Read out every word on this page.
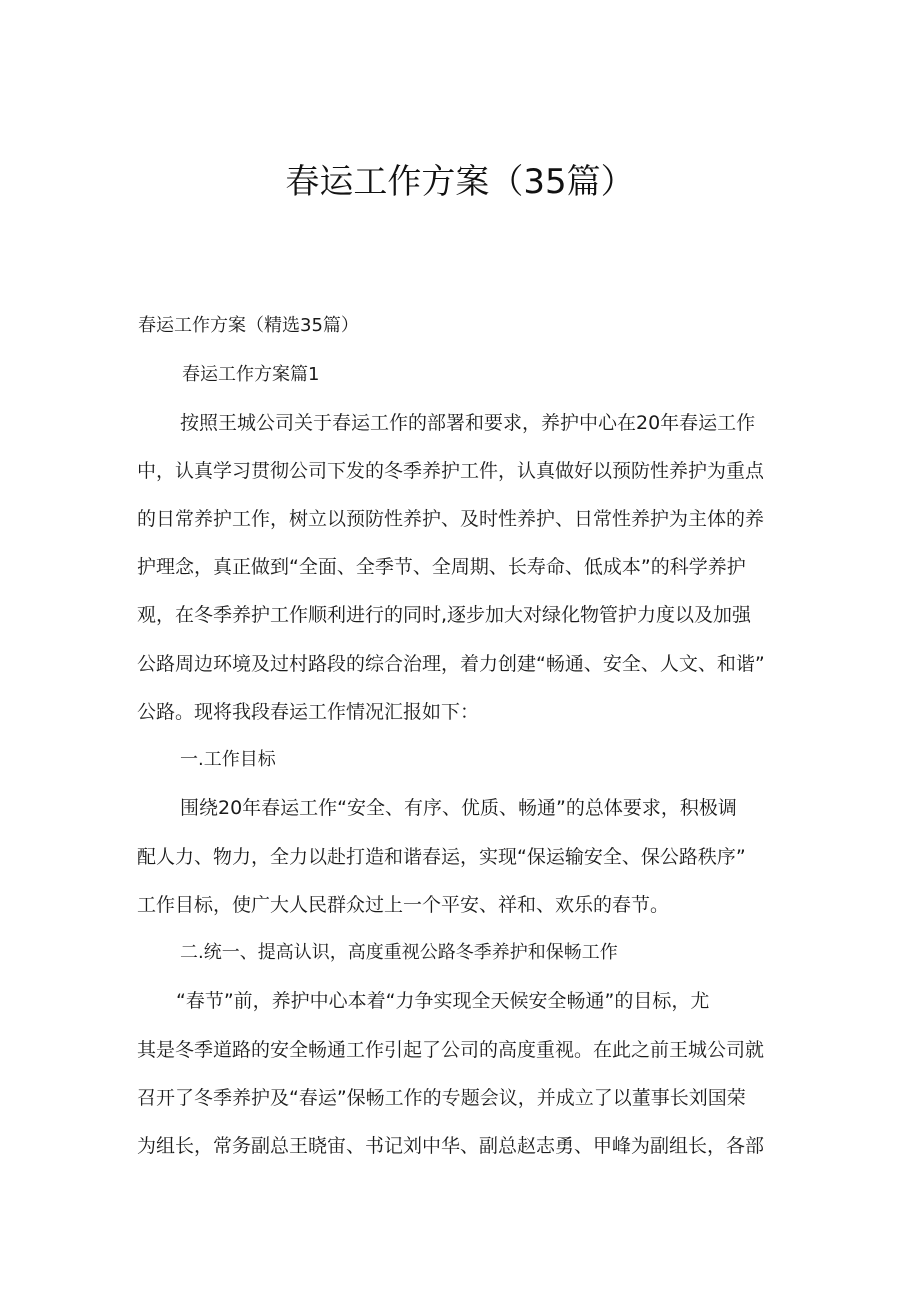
春运工作方案（35篇）

春运工作方案（精选35篇）

春运工作方案篇1

按照王城公司关于春运工作的部署和要求，养护中心在20年春运工作

中，认真学习贯彻公司下发的冬季养护工件，认真做好以预防性养护为重点

的日常养护工作，树立以预防性养护、及时性养护、日常性养护为主体的养

护理念，真正做到“全面、全季节、全周期、长寿命、低成本”的科学养护

观，在冬季养护工作顺利进行的同时,逐步加大对绿化物管护力度以及加强

公路周边环境及过村路段的综合治理，着力创建“畅通、安全、人文、和谐”

公路。现将我段春运工作情况汇报如下：

一.工作目标

围绕20年春运工作“安全、有序、优质、畅通”的总体要求，积极调

配人力、物力，全力以赴打造和谐春运，实现“保运输安全、保公路秩序”

工作目标，使广大人民群众过上一个平安、祥和、欢乐的春节。

二.统一、提高认识，高度重视公路冬季养护和保畅工作

“春节”前，养护中心本着“力争实现全天候安全畅通”的目标，尤

其是冬季道路的安全畅通工作引起了公司的高度重视。在此之前王城公司就

召开了冬季养护及“春运”保畅工作的专题会议，并成立了以董事长刘国荣

为组长，常务副总王晓宙、书记刘中华、副总赵志勇、甲峰为副组长，各部
